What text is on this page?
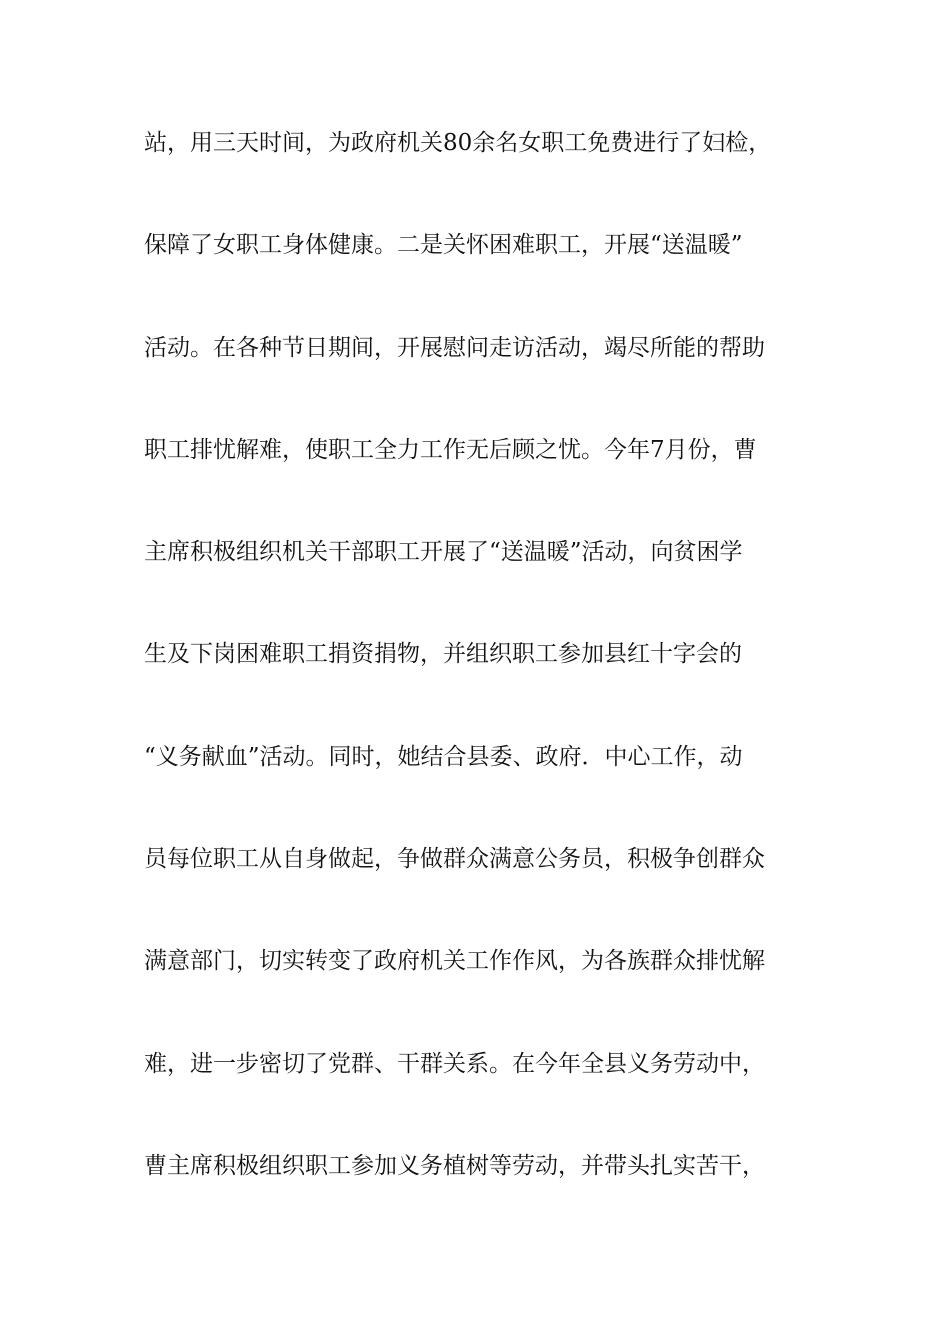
站，用三天时间，为政府机关80余名女职工免费进行了妇检，
保障了女职工身体健康。二是关怀困难职工，开展“送温暖”
活动。在各种节日期间，开展慰问走访活动，竭尽所能的帮助
职工排忧解难，使职工全力工作无后顾之忧。今年7月份，曹
主席积极组织机关干部职工开展了“送温暖”活动，向贫困学
生及下岗困难职工捐资捐物，并组织职工参加县红十字会的
“义务献血”活动。同时，她结合县委、政府．中心工作，动
员每位职工从自身做起，争做群众满意公务员，积极争创群众
满意部门，切实转变了政府机关工作作风，为各族群众排忧解
难，进一步密切了党群、干群关系。在今年全县义务劳动中，
曹主席积极组织职工参加义务植树等劳动，并带头扎实苦干，
